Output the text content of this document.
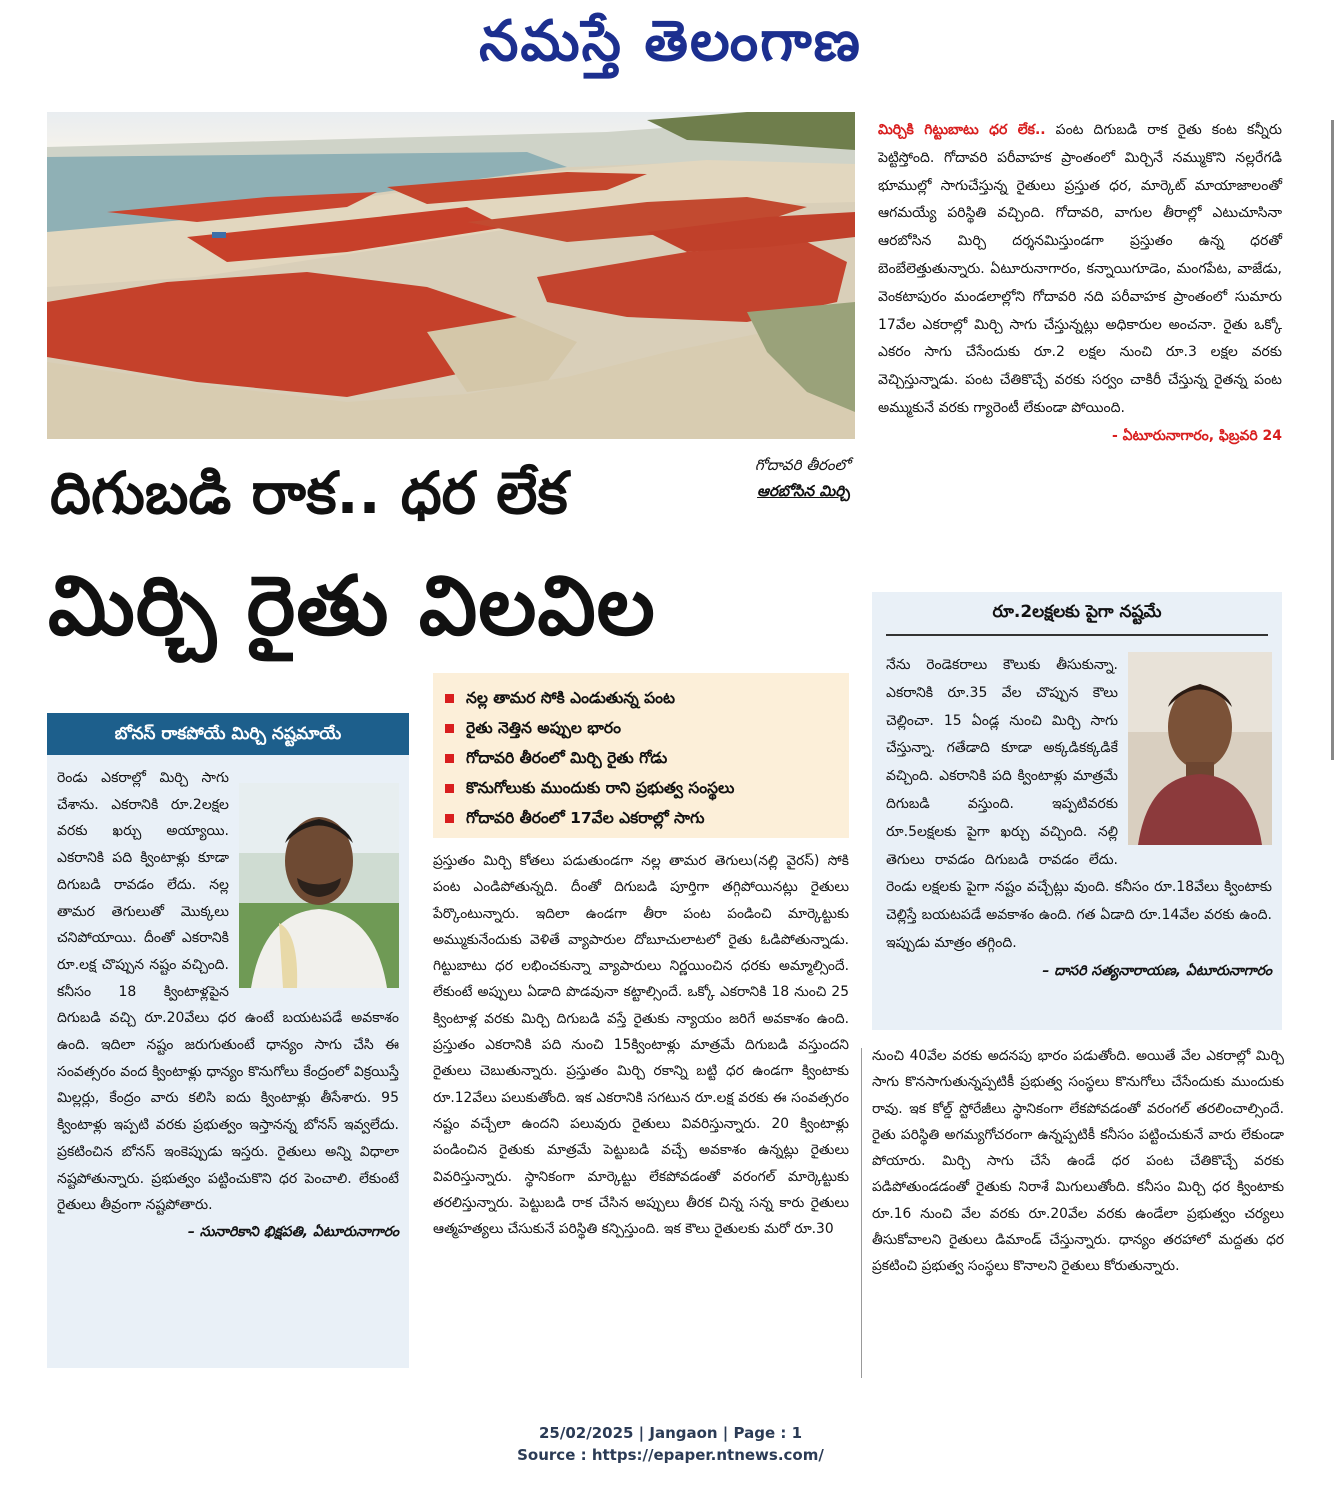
నమస్తే తెలంగాణ
గోదావరి తీరంలో
ఆరబోసిన మిర్చి
దిగుబడి రాక.. ధర లేక
మిర్చి రైతు విలవిల
మిర్చికి గిట్టుబాటు ధర లేక.. పంట దిగుబడి రాక రైతు కంట కన్నీరు పెట్టిస్తోంది. గోదావరి పరీవాహక ప్రాంతంలో మిర్చినే నమ్ముకొని నల్లరేగడి భూముల్లో సాగుచేస్తున్న రైతులు ప్రస్తుత ధర, మార్కెట్ మాయాజాలంతో ఆగమయ్యే పరిస్థితి వచ్చింది. గోదావరి, వాగుల తీరాల్లో ఎటుచూసినా ఆరబోసిన మిర్చి దర్శనమిస్తుండగా ప్రస్తుతం ఉన్న ధరతో బెంబేలెత్తుతున్నారు. ఏటూరునాగారం, కన్నాయిగూడెం, మంగపేట, వాజేడు, వెంకటాపురం మండలాల్లోని గోదావరి నది పరీవాహక ప్రాంతంలో సుమారు 17వేల ఎకరాల్లో మిర్చి సాగు చేస్తున్నట్లు అధికారుల అంచనా. రైతు ఒక్కో ఎకరం సాగు చేసేందుకు రూ.2 లక్షల నుంచి రూ.3 లక్షల వరకు వెచ్చిస్తున్నాడు. పంట చేతికొచ్చే వరకు సర్వం చాకిరీ చేస్తున్న రైతన్న పంట అమ్ముకునే వరకు గ్యారెంటీ లేకుండా పోయింది.
- ఏటూరునాగారం, ఫిబ్రవరి 24
రూ.2లక్షలకు పైగా నష్టమే
నేను రెండెకరాలు కౌలుకు తీసుకున్నా. ఎకరానికి రూ.35 వేల చొప్పున కౌలు చెల్లించా. 15 ఏండ్ల నుంచి మిర్చి సాగు చేస్తున్నా. గతేడాది కూడా అక్కడికక్కడికే వచ్చింది. ఎకరానికి పది క్వింటాళ్లు మాత్రమే దిగుబడి వస్తుంది. ఇప్పటివరకు రూ.5లక్షలకు పైగా ఖర్చు వచ్చింది. నల్లి తెగులు రావడం దిగుబడి రావడం లేదు. రెండు లక్షలకు పైగా నష్టం వచ్చేట్లు వుంది. కనీసం రూ.18వేలు క్వింటాకు చెల్లిస్తే బయటపడే అవకాశం ఉంది. గత ఏడాది రూ.14వేల వరకు ఉంది. ఇప్పుడు మాత్రం తగ్గింది.
– దాసరి సత్యనారాయణ, ఏటూరునాగారం
నల్ల తామర సోకి ఎండుతున్న పంట
రైతు నెత్తిన అప్పుల భారం
గోదావరి తీరంలో మిర్చి రైతు గోడు
కొనుగోలుకు ముందుకు రాని ప్రభుత్వ సంస్థలు
గోదావరి తీరంలో 17వేల ఎకరాల్లో సాగు
బోనస్ రాకపోయే మిర్చి నష్టమాయే
రెండు ఎకరాల్లో మిర్చి సాగు చేశాను. ఎకరానికి రూ.2లక్షల వరకు ఖర్చు అయ్యాయి. ఎకరానికి పది క్వింటాళ్లు కూడా దిగుబడి రావడం లేదు. నల్ల తామర తెగులుతో మొక్కలు చనిపోయాయి. దీంతో ఎకరానికి రూ.లక్ష చొప్పున నష్టం వచ్చింది. కనీసం 18 క్వింటాళ్లపైన దిగుబడి వచ్చి రూ.20వేలు ధర ఉంటే బయటపడే అవకాశం ఉంది. ఇదిలా నష్టం జరుగుతుంటే ధాన్యం సాగు చేసి ఈ సంవత్సరం వంద క్వింటాళ్లు ధాన్యం కొనుగోలు కేంద్రంలో విక్రయిస్తే మిల్లర్లు, కేంద్రం వారు కలిసి ఐదు క్వింటాళ్లు తీసేశారు. 95 క్వింటాళ్లు ఇప్పటి వరకు ప్రభుత్వం ఇస్తానన్న బోనస్ ఇవ్వలేదు. ప్రకటించిన బోనస్ ఇంకెప్పుడు ఇస్తరు. రైతులు అన్ని విధాలా నష్టపోతున్నారు. ప్రభుత్వం పట్టించుకొని ధర పెంచాలి. లేకుంటే రైతులు తీవ్రంగా నష్టపోతారు.
– సునారికాని భిక్షపతి, ఏటూరునాగారం
ప్రస్తుతం మిర్చి కోతలు పడుతుండగా నల్ల తామర తెగులు(నల్లి వైరస్) సోకి పంట ఎండిపోతున్నది. దీంతో దిగుబడి పూర్తిగా తగ్గిపోయినట్లు రైతులు పేర్కొంటున్నారు. ఇదిలా ఉండగా తీరా పంట పండించి మార్కెట్టుకు అమ్ముకునేందుకు వెళితే వ్యాపారుల దోబూచులాటలో రైతు ఓడిపోతున్నాడు. గిట్టుబాటు ధర లభించకున్నా వ్యాపారులు నిర్ణయించిన ధరకు అమ్మాల్సిందే. లేకుంటే అప్పులు ఏడాది పొడవునా కట్టాల్సిందే. ఒక్కో ఎకరానికి 18 నుంచి 25 క్వింటాళ్ల వరకు మిర్చి దిగుబడి వస్తే రైతుకు న్యాయం జరిగే అవకాశం ఉంది. ప్రస్తుతం ఎకరానికి పది నుంచి 15క్వింటాళ్లు మాత్రమే దిగుబడి వస్తుందని రైతులు చెబుతున్నారు. ప్రస్తుతం మిర్చి రకాన్ని బట్టి ధర ఉండగా క్వింటాకు రూ.12వేలు పలుకుతోంది. ఇక ఎకరానికి సగటున రూ.లక్ష వరకు ఈ సంవత్సరం నష్టం వచ్చేలా ఉందని పలువురు రైతులు వివరిస్తున్నారు. 20 క్వింటాళ్లు పండించిన రైతుకు మాత్రమే పెట్టుబడి వచ్చే అవకాశం ఉన్నట్లు రైతులు వివరిస్తున్నారు. స్థానికంగా మార్కెట్టు లేకపోవడంతో వరంగల్ మార్కెట్టుకు తరలిస్తున్నారు. పెట్టుబడి రాక చేసిన అప్పులు తీరక చిన్న సన్న కారు రైతులు ఆత్మహత్యలు చేసుకునే పరిస్థితి కన్పిస్తుంది. ఇక కౌలు రైతులకు మరో రూ.30
నుంచి 40వేల వరకు అదనపు భారం పడుతోంది. అయితే వేల ఎకరాల్లో మిర్చి సాగు కొనసాగుతున్నప్పటికీ ప్రభుత్వ సంస్థలు కొనుగోలు చేసేందుకు ముందుకు రావు. ఇక కోల్డ్ స్టోరేజీలు స్థానికంగా లేకపోవడంతో వరంగల్ తరలించాల్సిందే. రైతు పరిస్థితి అగమ్యగోచరంగా ఉన్నప్పటికీ కనీసం పట్టించుకునే వారు లేకుండా పోయారు. మిర్చి సాగు చేసే ఉండే ధర పంట చేతికొచ్చే వరకు పడిపోతుండడంతో రైతుకు నిరాశే మిగులుతోంది. కనీసం మిర్చి ధర క్వింటాకు రూ.16 నుంచి వేల వరకు రూ.20వేల వరకు ఉండేలా ప్రభుత్వం చర్యలు తీసుకోవాలని రైతులు డిమాండ్ చేస్తున్నారు. ధాన్యం తరహాలో మద్దతు ధర ప్రకటించి ప్రభుత్వ సంస్థలు కొనాలని రైతులు కోరుతున్నారు.
25/02/2025 | Jangaon | Page : 1
Source : https://epaper.ntnews.com/
